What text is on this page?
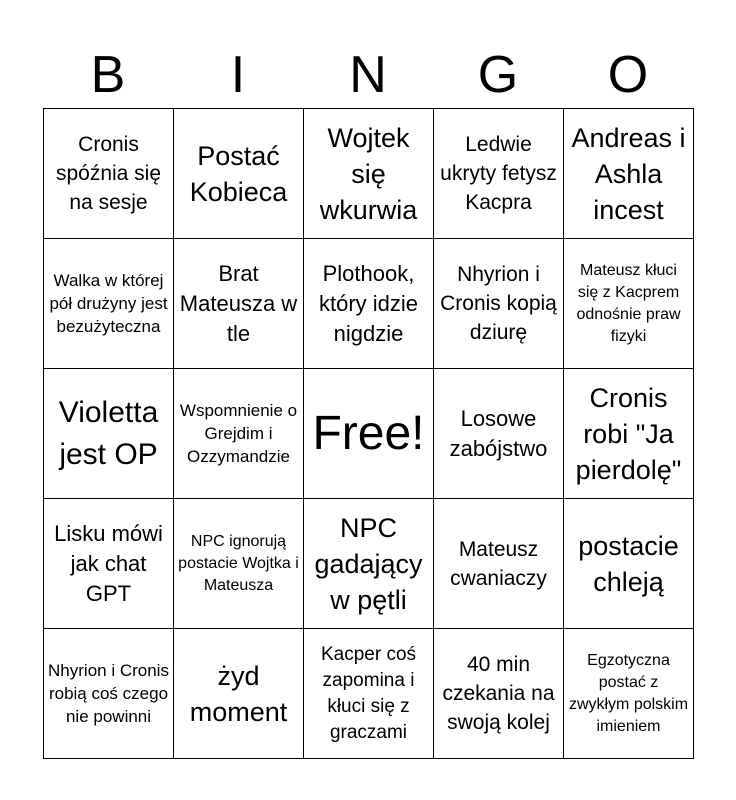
B	I	N	G	O
Cronis spóźnia się na sesje	Postać Kobieca	Wojtek się wkurwia	Ledwie ukryty fetysz Kacpra	Andreas i Ashla incest

Walka w której pół drużyny jest bezużyteczna	Brat Mateusza w tle	Plothook, który idzie nigdzie	Nhyrion i Cronis kopią dziurę	Mateusz kłuci się z Kacprem odnośnie praw fizyki

Violetta jest OP	Wspomnienie o Grejdim i Ozzymandzie	Free!	Losowe zabójstwo	Cronis robi "Ja pierdolę"

Lisku mówi jak chat GPT	NPC ignorują postacie Wojtka i Mateusza	NPC gadający w pętli	Mateusz cwaniaczy	postacie chleją

Nhyrion i Cronis robią coś czego nie powinni	żyd moment	Kacper coś zapomina i kłuci się z graczami	40 min czekania na swoją kolej	Egzotyczna postać z zwykłym polskim imieniem
